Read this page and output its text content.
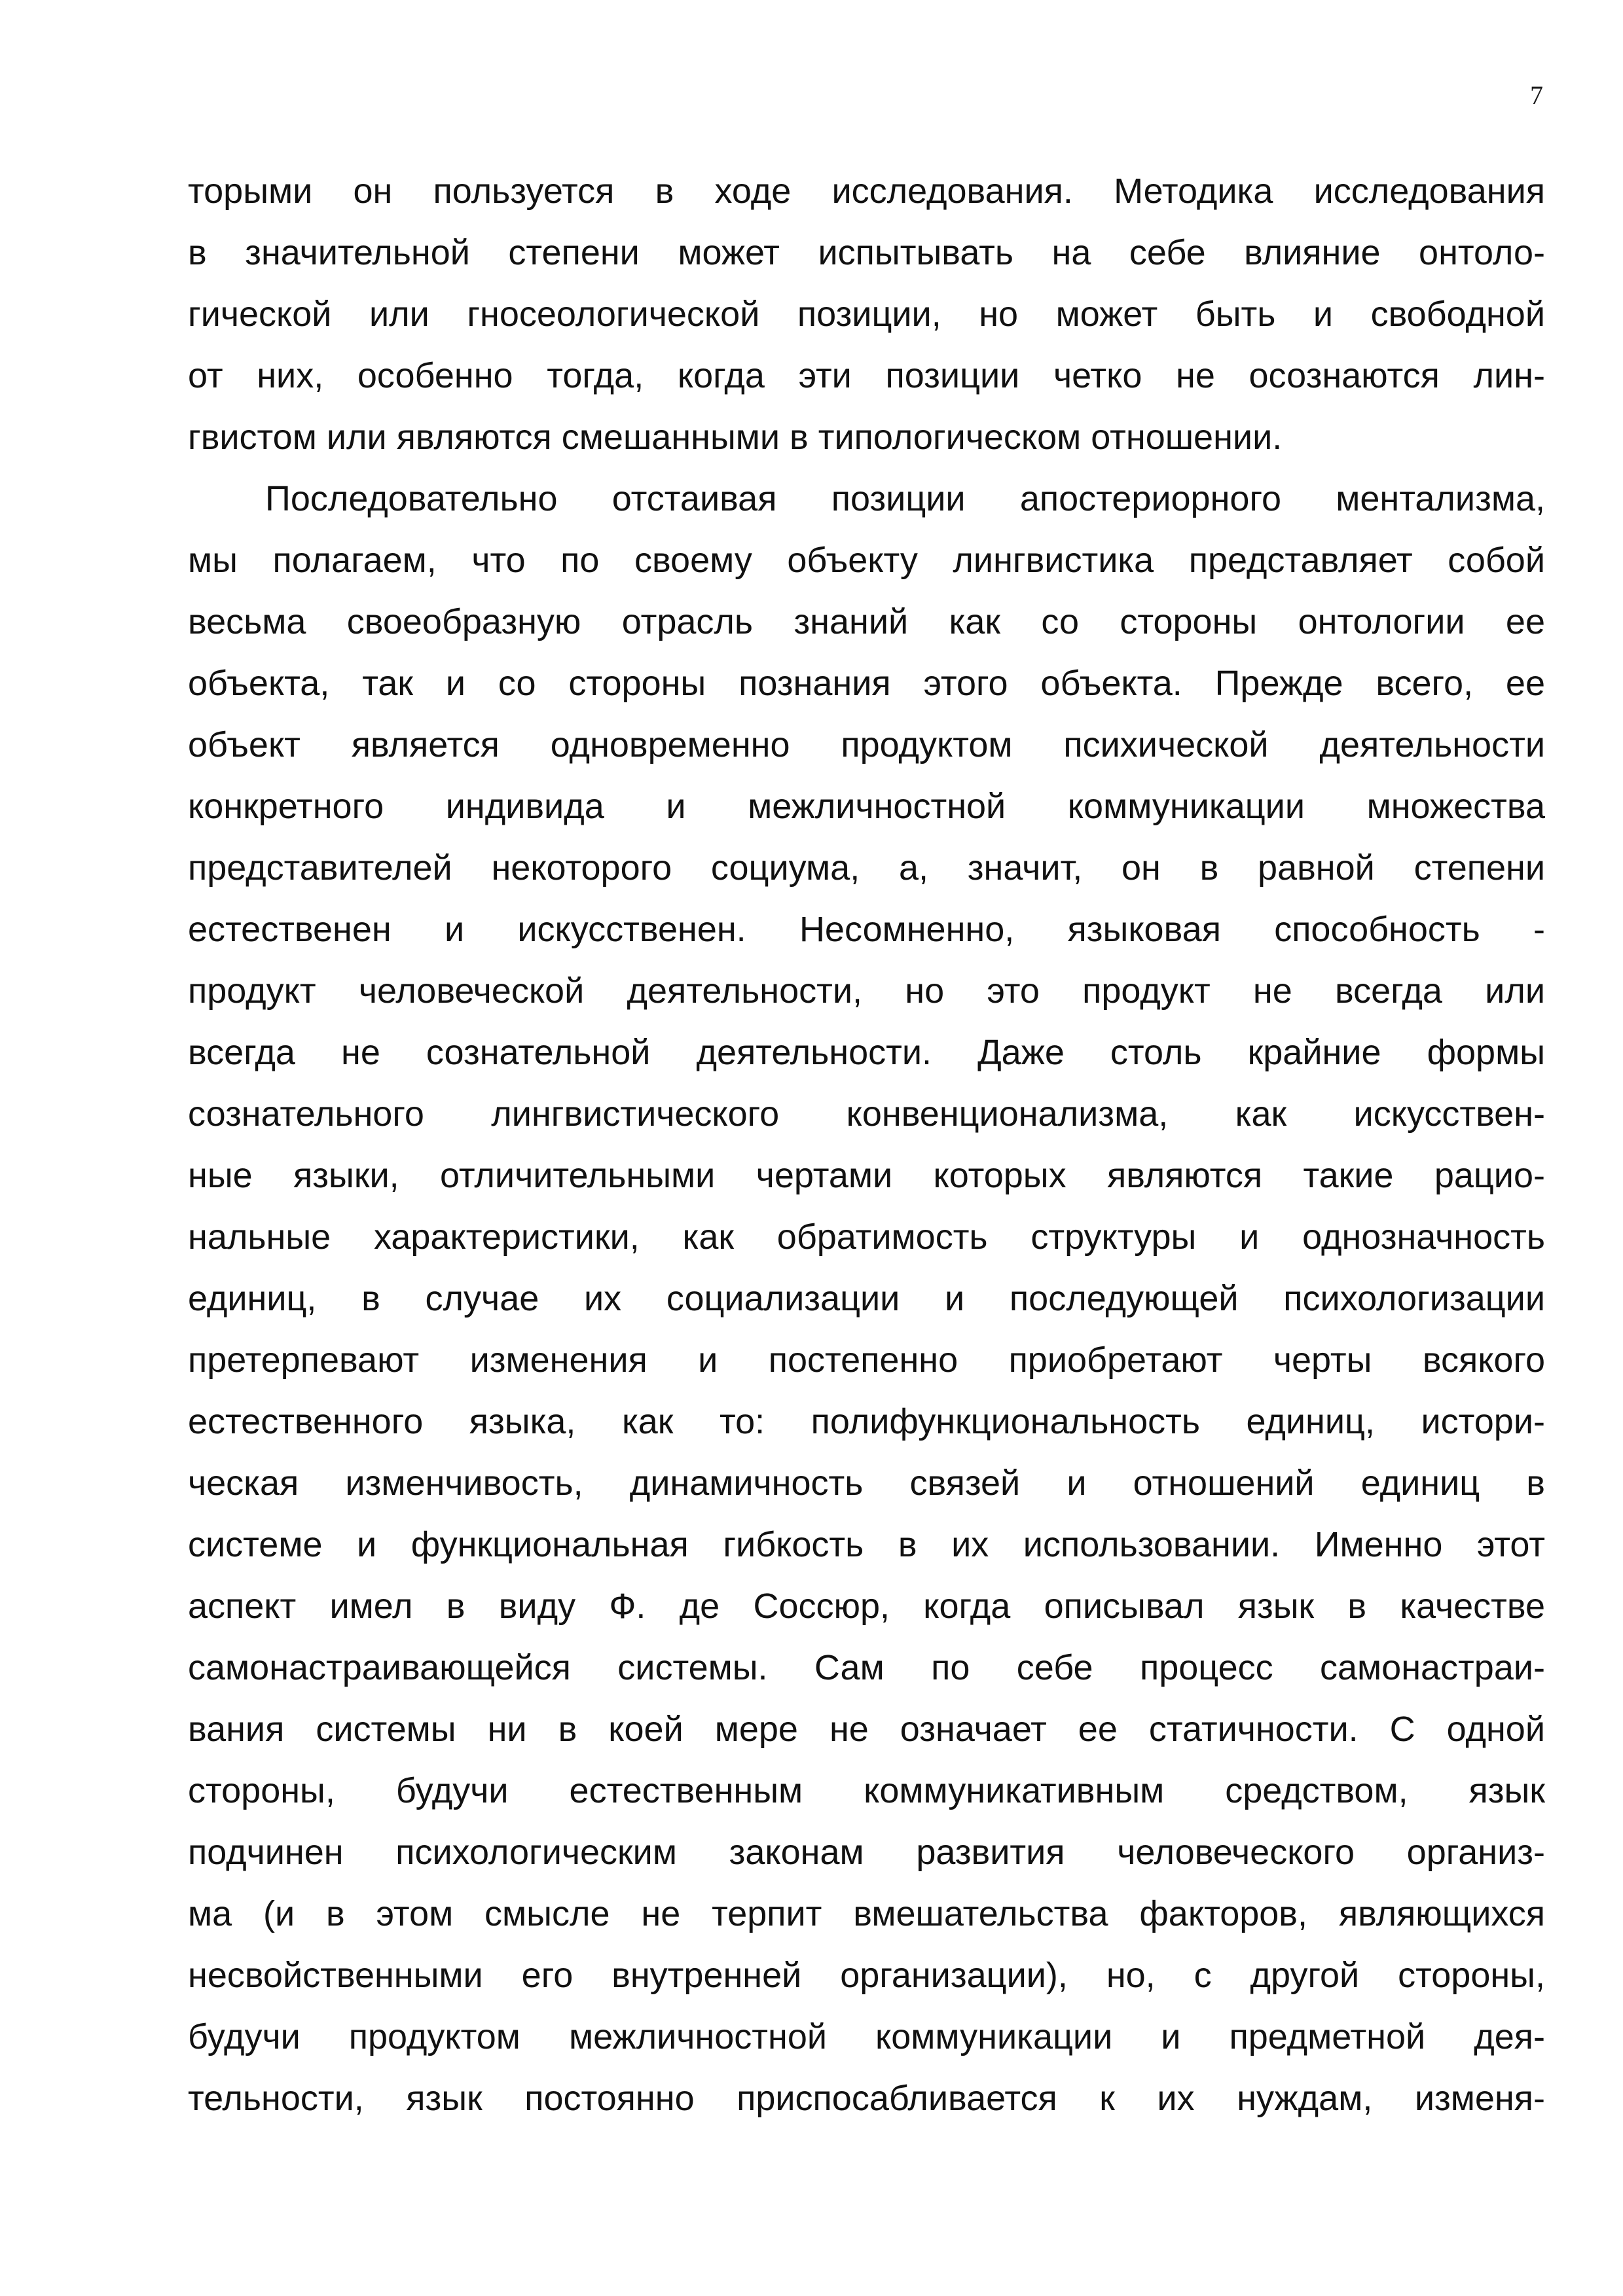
7
торыми он пользуется в ходе исследования. Методика исследования
в значительной степени может испытывать на себе влияние онтоло-
гической или гносеологической позиции, но может быть и свободной
от них, особенно тогда, когда эти позиции четко не осознаются лин-
гвистом или являются смешанными в типологическом отношении.
Последовательно отстаивая позиции апостериорного ментализма,
мы полагаем, что по своему объекту лингвистика представляет собой
весьма своеобразную отрасль знаний как со стороны онтологии ее
объекта, так и со стороны познания этого объекта. Прежде всего, ее
объект является одновременно продуктом психической деятельности
конкретного индивида и межличностной коммуникации множества
представителей некоторого социума, а, значит, он в равной степени
естественен и искусственен. Несомненно, языковая способность -
продукт человеческой деятельности, но это продукт не всегда или
всегда не сознательной деятельности. Даже столь крайние формы
сознательного лингвистического конвенционализма, как искусствен-
ные языки, отличительными чертами которых являются такие рацио-
нальные характеристики, как обратимость структуры и однозначность
единиц, в случае их социализации и последующей психологизации
претерпевают изменения и постепенно приобретают черты всякого
естественного языка, как то: полифункциональность единиц, истори-
ческая изменчивость, динамичность связей и отношений единиц в
системе и функциональная гибкость в их использовании. Именно этот
аспект имел в виду Ф. де Соссюр, когда описывал язык в качестве
самонастраивающейся системы. Сам по себе процесс самонастраи-
вания системы ни в коей мере не означает ее статичности. С одной
стороны, будучи естественным коммуникативным средством, язык
подчинен психологическим законам развития человеческого организ-
ма (и в этом смысле не терпит вмешательства факторов, являющихся
несвойственными его внутренней организации), но, с другой стороны,
будучи продуктом межличностной коммуникации и предметной дея-
тельности, язык постоянно приспосабливается к их нуждам, изменя-
